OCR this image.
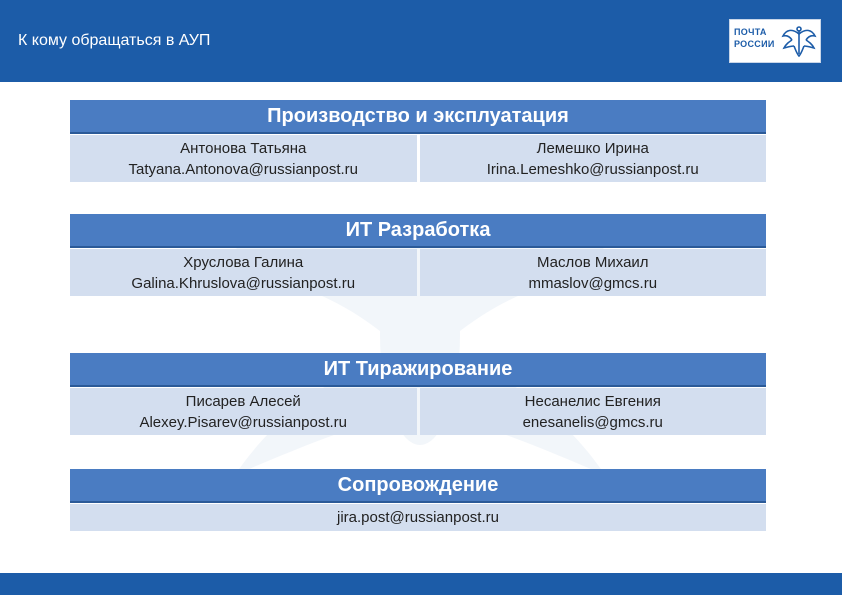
К кому обращаться в АУП	ПОЧТА
РОССИИ
Производство и эксплуатация
Антонова Татьяна
Tatyana.Antonova@russianpost.ru
Лемешко Ирина
Irina.Lemeshko@russianpost.ru
ИТ Разработка
Хруслова Галина
Galina.Khruslova@russianpost.ru
Маслов Михаил
mmaslov@gmcs.ru
ИТ Тиражирование
Писарев Алесей
Alexey.Pisarev@russianpost.ru
Несанелис Евгения
enesanelis@gmcs.ru
Сопровождение
jira.post@russianpost.ru
